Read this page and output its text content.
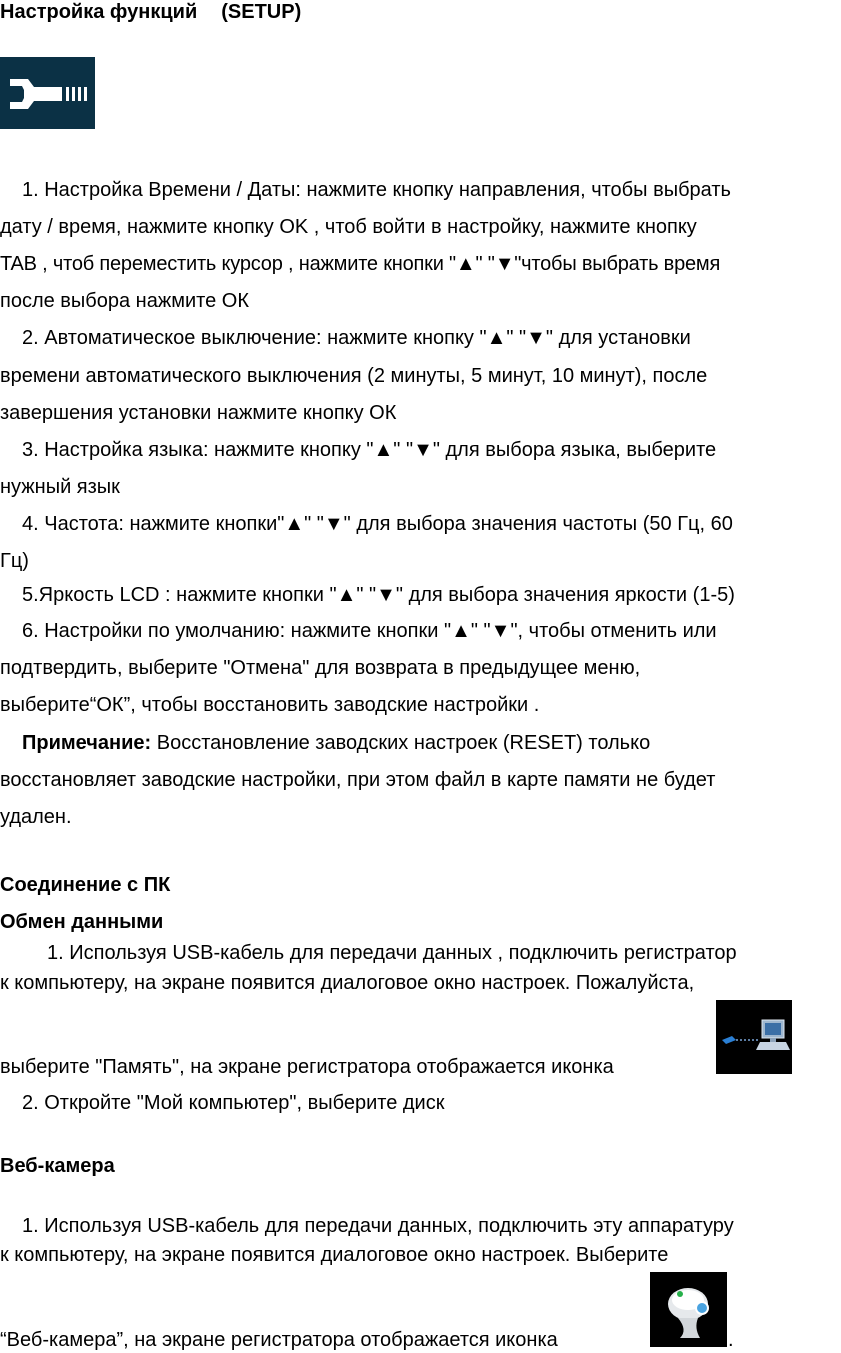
Настройка функций (SETUP)
1. Настройка Времени / Даты: нажмите кнопку направления, чтобы выбрать
дату / время, нажмите кнопку OK , чтоб войти в настройку, нажмите кнопку
TAB , чтоб переместить курсор , нажмите кнопки "▲" "▼"чтобы выбрать время
после выбора нажмите ОК
2. Автоматическое выключение: нажмите кнопку "▲" "▼" для установки
времени автоматического выключения (2 минуты, 5 минут, 10 минут), после
завершения установки нажмите кнопку ОК
3. Настройка языка: нажмите кнопку "▲" "▼" для выбора языка, выберите
нужный язык
4. Частота: нажмите кнопки"▲" "▼" для выбора значения частоты (50 Гц, 60
Гц)
5.Яркость LCD : нажмите кнопки "▲" "▼" для выбора значения яркости (1-5)
6. Настройки по умолчанию: нажмите кнопки "▲" "▼", чтобы отменить или
подтвердить, выберите "Отмена" для возврата в предыдущее меню,
выберите“ОК”, чтобы восстановить заводские настройки .
Примечание: Восстановление заводских настроек (RESET) только
восстановляет заводские настройки, при этом файл в карте памяти не будет
удален.
Соединение с ПК
Обмен данными
1. Используя USB-кабель для передачи данных , подключить регистратор
к компьютеру, на экране появится диалоговое окно настроек. Пожалуйста,
выберите "Память", на экране регистратора отображается иконка
2. Откройте "Мой компьютер", выберите диск
Веб-камера
1. Используя USB-кабель для передачи данных, подключить эту аппаратуру
к компьютеру, на экране появится диалоговое окно настроек. Выберите
“Веб-камера”, на экране регистратора отображается иконка	.
